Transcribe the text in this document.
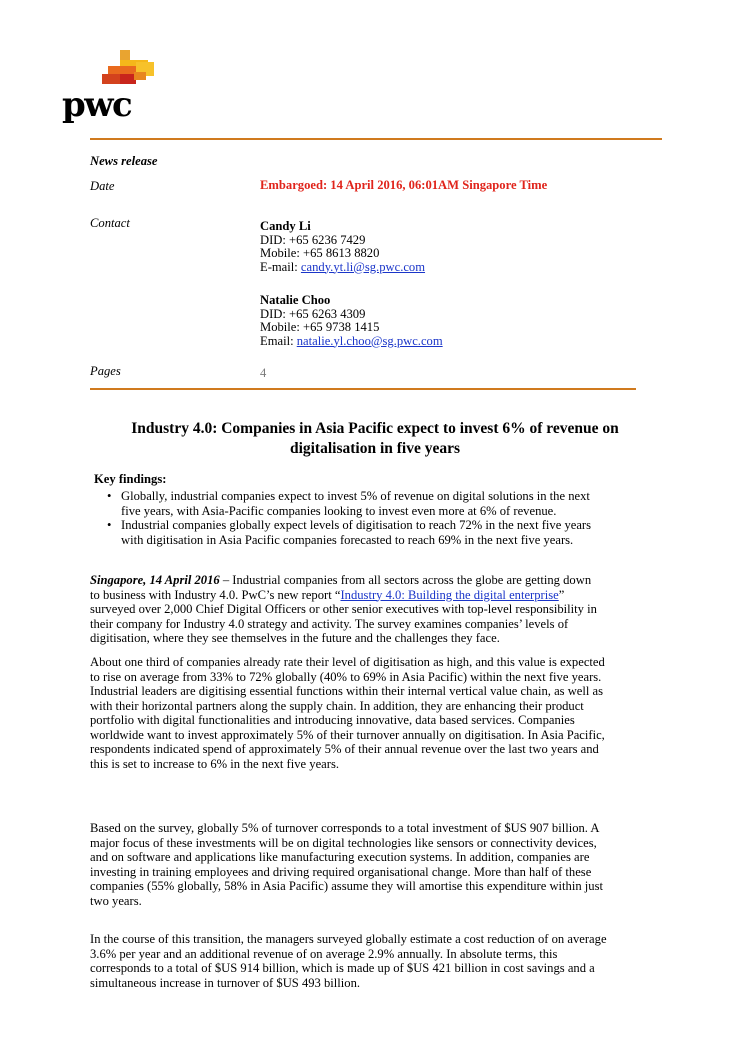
pwc
News release
Date	Embargoed: 14 April 2016, 06:01AM Singapore Time
Contact	Candy Li
DID: +65 6236 7429
Mobile: +65 8613 8820
E-mail: candy.yt.li@sg.pwc.com
Natalie Choo
DID: +65 6263 4309
Mobile: +65 9738 1415
Email: natalie.yl.choo@sg.pwc.com
Pages	4
Industry 4.0: Companies in Asia Pacific expect to invest 6% of revenue on
digitalisation in five years
Key findings:
• Globally, industrial companies expect to invest 5% of revenue on digital solutions in the next
five years, with Asia-Pacific companies looking to invest even more at 6% of revenue.
• Industrial companies globally expect levels of digitisation to reach 72% in the next five years
with digitisation in Asia Pacific companies forecasted to reach 69% in the next five years.
Singapore, 14 April 2016 – Industrial companies from all sectors across the globe are getting down
to business with Industry 4.0. PwC’s new report “Industry 4.0: Building the digital enterprise”
surveyed over 2,000 Chief Digital Officers or other senior executives with top-level responsibility in
their company for Industry 4.0 strategy and activity. The survey examines companies’ levels of
digitisation, where they see themselves in the future and the challenges they face.
About one third of companies already rate their level of digitisation as high, and this value is expected
to rise on average from 33% to 72% globally (40% to 69% in Asia Pacific) within the next five years.
Industrial leaders are digitising essential functions within their internal vertical value chain, as well as
with their horizontal partners along the supply chain. In addition, they are enhancing their product
portfolio with digital functionalities and introducing innovative, data based services. Companies
worldwide want to invest approximately 5% of their turnover annually on digitisation. In Asia Pacific,
respondents indicated spend of approximately 5% of their annual revenue over the last two years and
this is set to increase to 6% in the next five years.
Based on the survey, globally 5% of turnover corresponds to a total investment of $US 907 billion. A
major focus of these investments will be on digital technologies like sensors or connectivity devices,
and on software and applications like manufacturing execution systems. In addition, companies are
investing in training employees and driving required organisational change. More than half of these
companies (55% globally, 58% in Asia Pacific) assume they will amortise this expenditure within just
two years.
In the course of this transition, the managers surveyed globally estimate a cost reduction of on average
3.6% per year and an additional revenue of on average 2.9% annually. In absolute terms, this
corresponds to a total of $US 914 billion, which is made up of $US 421 billion in cost savings and a
simultaneous increase in turnover of $US 493 billion.
